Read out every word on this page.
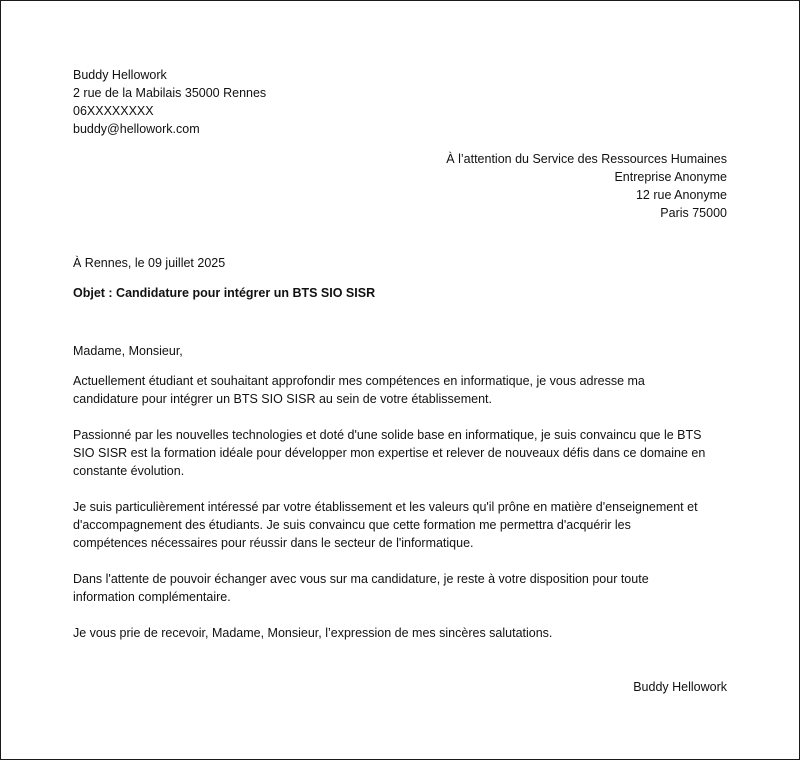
Buddy Hellowork
2 rue de la Mabilais 35000 Rennes
06XXXXXXXX
buddy@hellowork.com
À l’attention du Service des Ressources Humaines
Entreprise Anonyme
12 rue Anonyme
Paris 75000
À Rennes, le 09 juillet 2025
Objet : Candidature pour intégrer un BTS SIO SISR
Madame, Monsieur,
Actuellement étudiant et souhaitant approfondir mes compétences en informatique, je vous adresse ma
candidature pour intégrer un BTS SIO SISR au sein de votre établissement.
Passionné par les nouvelles technologies et doté d'une solide base en informatique, je suis convaincu que le BTS
SIO SISR est la formation idéale pour développer mon expertise et relever de nouveaux défis dans ce domaine en
constante évolution.
Je suis particulièrement intéressé par votre établissement et les valeurs qu'il prône en matière d'enseignement et
d'accompagnement des étudiants. Je suis convaincu que cette formation me permettra d'acquérir les
compétences nécessaires pour réussir dans le secteur de l'informatique.
Dans l'attente de pouvoir échanger avec vous sur ma candidature, je reste à votre disposition pour toute
information complémentaire.
Je vous prie de recevoir, Madame, Monsieur, l’expression de mes sincères salutations.
Buddy Hellowork
